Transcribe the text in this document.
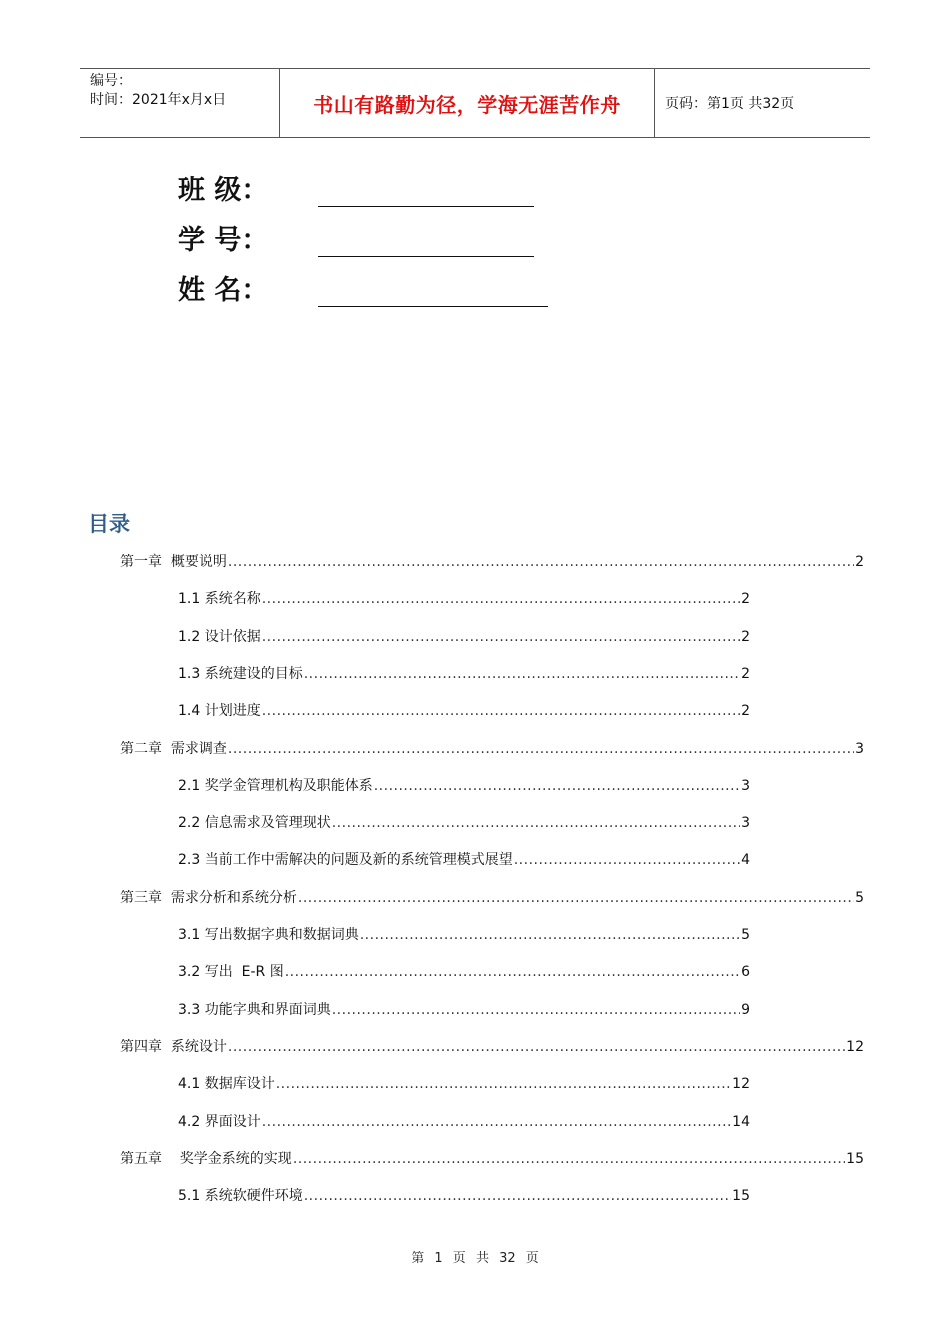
编号：
时间：2021年x月x日	书山有路勤为径，学海无涯苦作舟	页码：第1页 共32页
班 级：
学 号：
姓 名：
目录
第一章  概要说明 .....	2
1.1 系统名称 .....	2
1.2 设计依据 .....	2
1.3 系统建设的目标 .....	2
1.4 计划进度 .....	2
第二章  需求调查 .....	3
2.1 奖学金管理机构及职能体系 .....	3
2.2 信息需求及管理现状 .....	3
2.3 当前工作中需解决的问题及新的系统管理模式展望 .....	4
第三章  需求分析和系统分析 .....	5
3.1 写出数据字典和数据词典 .....	5
3.2 写出  E-R 图 .....	6
3.3 功能字典和界面词典 .....	9
第四章  系统设计 .....	12
4.1 数据库设计 .....	12
4.2 界面设计 .....	14
第五章    奖学金系统的实现 .....	15
5.1 系统软硬件环境 .....	15
第 1 页 共 32 页
